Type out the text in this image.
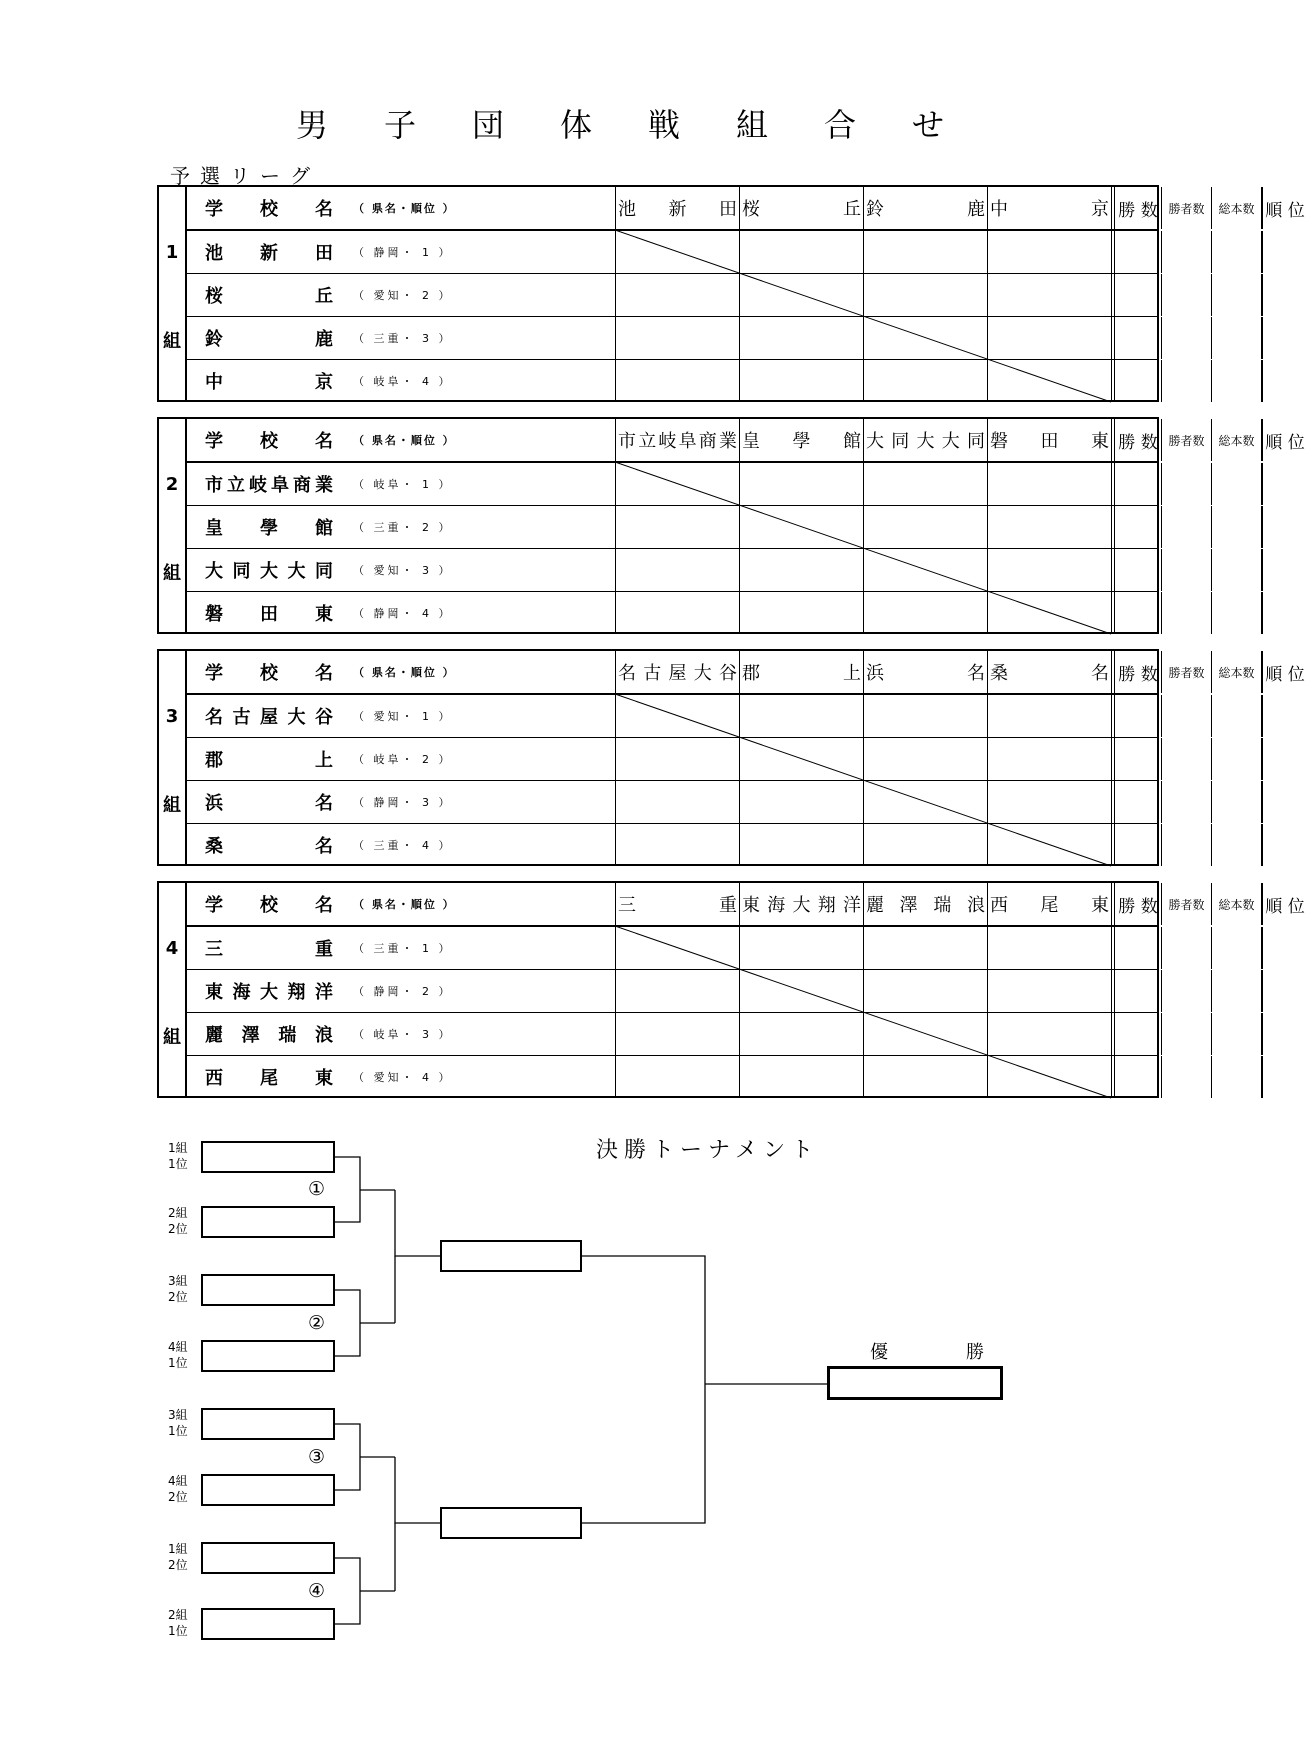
男子団体戦組合せ
予選リーグ
1
組
学　校　名 （ 県名・順位 ）	池新田 桜丘 鈴鹿 中京 勝 数 勝者数	総本数 順 位
池新田 （ 静岡・ 1 ）
桜丘 （ 愛知・ 2 ）
鈴鹿 （ 三重・ 3 ）
中京 （ 岐阜・ 4 ）
2
組
学　校　名 （ 県名・順位 ）	市立岐阜商業 皇學館 大同大大同 磐田東 勝 数 勝者数	総本数 順 位
市立岐阜商業 （ 岐阜・ 1 ）
皇學館 （ 三重・ 2 ）
大同大大同 （ 愛知・ 3 ）
磐田東 （ 静岡・ 4 ）
3
組
学　校　名 （ 県名・順位 ）	名古屋大谷 郡上 浜名 桑名 勝 数 勝者数	総本数 順 位
名古屋大谷 （ 愛知・ 1 ）
郡上 （ 岐阜・ 2 ）
浜名 （ 静岡・ 3 ）
桑名 （ 三重・ 4 ）
4
組
学　校　名 （ 県名・順位 ）	三重 東海大翔洋 麗澤瑞浪 西尾東 勝 数 勝者数	総本数 順 位
三重 （ 三重・ 1 ）
東海大翔洋 （ 静岡・ 2 ）
麗澤瑞浪 （ 岐阜・ 3 ）
西尾東 （ 愛知・ 4 ）
決勝トーナメント
1組
1位
2組
2位
3組
2位
4組
1位
3組
1位
4組
2位
1組
2位
2組
1位
①
②
③
④
優　勝
